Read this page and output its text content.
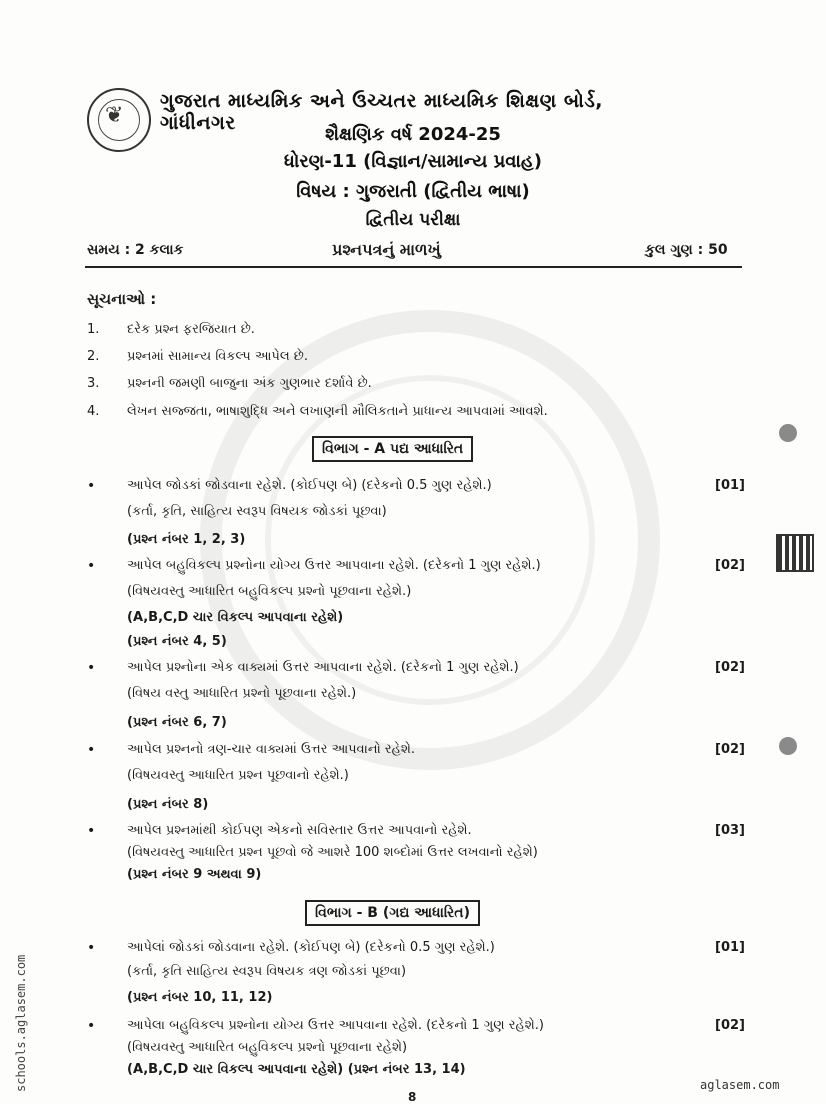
❦
ગુજરાત માધ્યમિક અને ઉચ્ચતર માધ્યમિક શિક્ષણ બોર્ડ, ગાંધીનગર
શૈક્ષણિક વર્ષ 2024-25
ધોરણ-11 (વિજ્ઞાન/સામાન્ય પ્રવાહ)
વિષય : ગુજરાતી (દ્વિતીય ભાષા)
દ્વિતીય પરીક્ષા
સમય : 2 કલાક	પ્રશ્નપત્રનું માળખું	કુલ ગુણ : 50
સૂચનાઓ :
1. દરેક પ્રશ્ન ફરજિયાત છે.
2. પ્રશ્નમાં સામાન્ય વિકલ્પ આપેલ છે.
3. પ્રશ્નની જમણી બાજુના અંક ગુણભાર દર્શાવે છે.
4. લેખન સજ્જતા, ભાષાશુદ્ધિ અને લખાણની મૌલિકતાને પ્રાધાન્ય આપવામાં આવશે.
વિભાગ - A પદ્ય આધારિત
• આપેલ જોડકાં જોડવાના રહેશે. (કોઈપણ બે) (દરેકનો 0.5 ગુણ રહેશે.)	[01]
(કર્તા, કૃતિ, સાહિત્ય સ્વરૂપ વિષયક જોડકાં પૂછવા)
(પ્રશ્ન નંબર 1, 2, 3)
• આપેલ બહુવિકલ્પ પ્રશ્નોના યોગ્ય ઉત્તર આપવાના રહેશે. (દરેકનો 1 ગુણ રહેશે.)	[02]
(વિષયવસ્તુ આધારિત બહુવિકલ્પ પ્રશ્નો પૂછવાના રહેશે.)
(A,B,C,D ચાર વિકલ્પ આપવાના રહેશે)
(પ્રશ્ન નંબર 4, 5)
• આપેલ પ્રશ્નોના એક વાક્યમાં ઉત્તર આપવાના રહેશે. (દરેકનો 1 ગુણ રહેશે.)	[02]
(વિષય વસ્તુ આધારિત પ્રશ્નો પૂછવાના રહેશે.)
(પ્રશ્ન નંબર 6, 7)
• આપેલ પ્રશ્નનો ત્રણ-ચાર વાક્યમાં ઉત્તર આપવાનો રહેશે.	[02]
(વિષયવસ્તુ આધારિત પ્રશ્ન પૂછવાનો રહેશે.)
(પ્રશ્ન નંબર 8)
• આપેલ પ્રશ્નમાંથી કોઈપણ એકનો સવિસ્તાર ઉત્તર આપવાનો રહેશે.	[03]
(વિષયવસ્તુ આધારિત પ્રશ્ન પૂછવો જે આશરે 100 શબ્દોમાં ઉત્તર લખવાનો રહેશે)
(પ્રશ્ન નંબર 9 અથવા 9)
વિભાગ - B (ગદ્ય આધારિત)
• આપેલાં જોડકાં જોડવાના રહેશે. (કોઈપણ બે) (દરેકનો 0.5 ગુણ રહેશે.)	[01]
(કર્તા, કૃતિ સાહિત્ય સ્વરૂપ વિષયક ત્રણ જોડકાં પૂછવા)
(પ્રશ્ન નંબર 10, 11, 12)
• આપેલા બહુવિકલ્પ પ્રશ્નોના યોગ્ય ઉત્તર આપવાના રહેશે. (દરેકનો 1 ગુણ રહેશે.)	[02]
(વિષયવસ્તુ આધારિત બહુવિકલ્પ પ્રશ્નો પૂછવાના રહેશે)
(A,B,C,D ચાર વિકલ્પ આપવાના રહેશે) (પ્રશ્ન નંબર 13, 14)
schools.aglasem.com	aglasem.com
8
